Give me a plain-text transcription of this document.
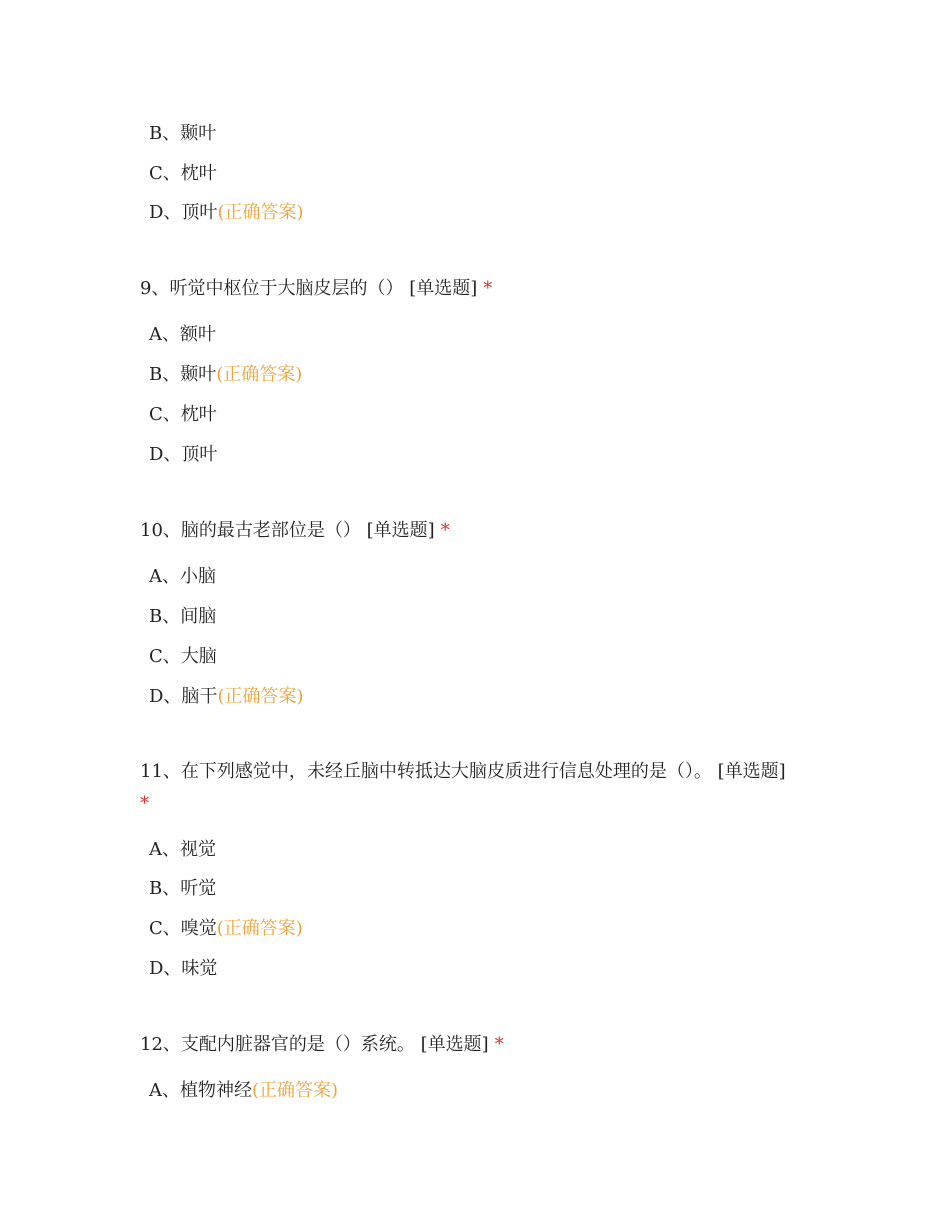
B、颞叶
C、枕叶
D、顶叶(正确答案)
9、听觉中枢位于大脑皮层的（） [单选题] *
A、额叶
B、颞叶(正确答案)
C、枕叶
D、顶叶
10、脑的最古老部位是（） [单选题] *
A、小脑
B、间脑
C、大脑
D、脑干(正确答案)
11、在下列感觉中，未经丘脑中转抵达大脑皮质进行信息处理的是（）。 [单选题]
*
A、视觉
B、听觉
C、嗅觉(正确答案)
D、味觉
12、支配内脏器官的是（）系统。 [单选题] *
A、植物神经(正确答案)
